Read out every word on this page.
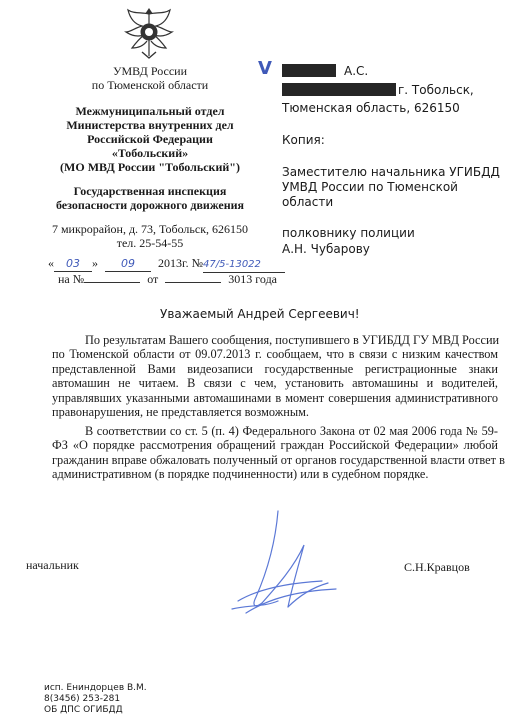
УМВД России
по Тюменской области
Межмуниципальный отдел
Министерства внутренних дел
Российской Федерации
«Тобольский»
(МО МВД России "Тобольский")
Государственная инспекция
безопасности дорожного движения
7 микрорайон, д. 73, Тобольск, 626150
тел. 25-54-55
« 03 » 09 2013г. №47/5-13022
на №	от	3013 года
V	А.С.
г. Тобольск,
Тюменская область, 626150
Копия:
Заместителю начальника УГИБДД
УМВД России по Тюменской
области
полковнику полиции
А.Н. Чубарову
Уважаемый Андрей Сергеевич!
По результатам Вашего сообщения, поступившего в УГИБДД ГУ МВД России
по Тюменской области от 09.07.2013 г. сообщаем, что в связи с низким качеством
представленной Вами видеозаписи государственные регистрационные знаки
автомашин не читаем. В связи с чем, установить автомашины и водителей,
управлявших указанными автомашинами в момент совершения административного
правонарушения, не представляется возможным.
В соответствии со ст. 5 (п. 4) Федерального Закона от 02 мая 2006 года № 59-
ФЗ «О порядке рассмотрения обращений граждан Российской Федерации» любой
гражданин вправе обжаловать полученный от органов государственной власти ответ в
административном (в порядке подчиненности) или в судебном порядке.
начальник	С.Н.Кравцов
исп. Ениндорцев В.М.
8(3456) 253-281
ОБ ДПС ОГИБДД
